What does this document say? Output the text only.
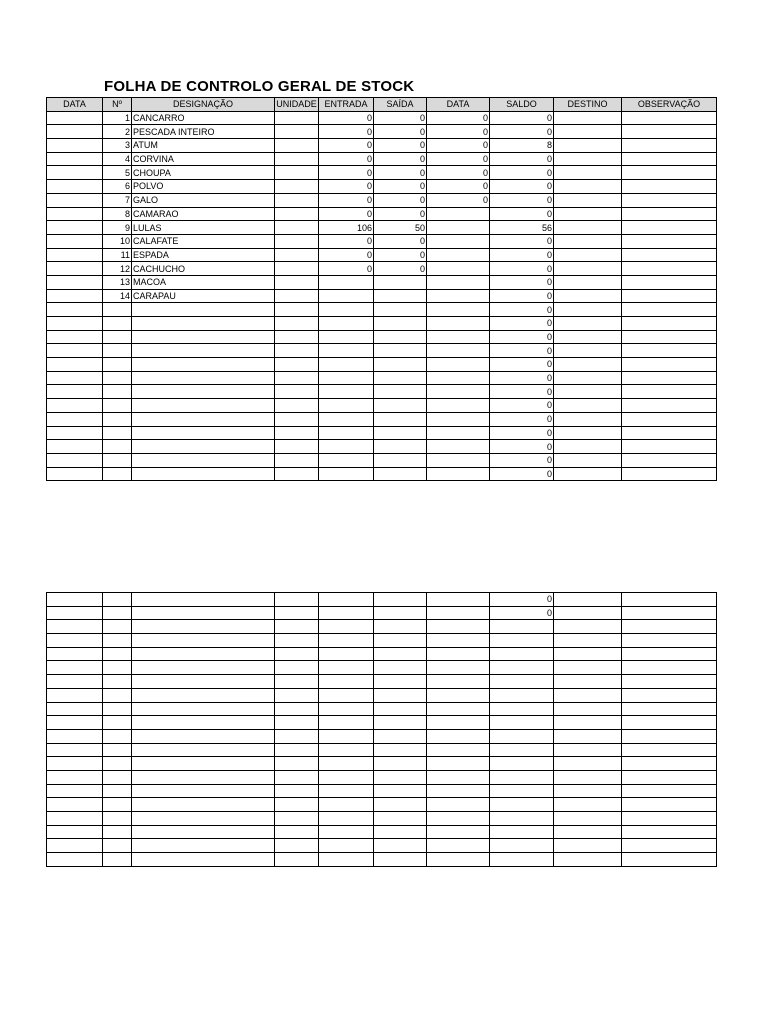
FOLHA DE CONTROLO GERAL DE STOCK
DATA	Nº	DESIGNAÇÃO	UNIDADE	ENTRADA	SAÍDA	DATA	SALDO	DESTINO	OBSERVAÇÃO
	1	CANCARRO		0	0	0	0		
	2	PESCADA INTEIRO		0	0	0	0		
	3	ATUM		0	0	0	8		
	4	CORVINA		0	0	0	0		
	5	CHOUPA		0	0	0	0		
	6	POLVO		0	0	0	0		
	7	GALO		0	0	0	0		
	8	CAMARAO		0	0		0		
	9	LULAS		106	50		56		
	10	CALAFATE		0	0		0		
	11	ESPADA		0	0		0		
	12	CACHUCHO		0	0		0		
	13	MACOA					0		
	14	CARAPAU					0		
							0		
							0		
							0		
							0		
							0		
							0		
							0		
							0		
							0		
							0		
							0		
							0		
							0		
							0		
							0		
